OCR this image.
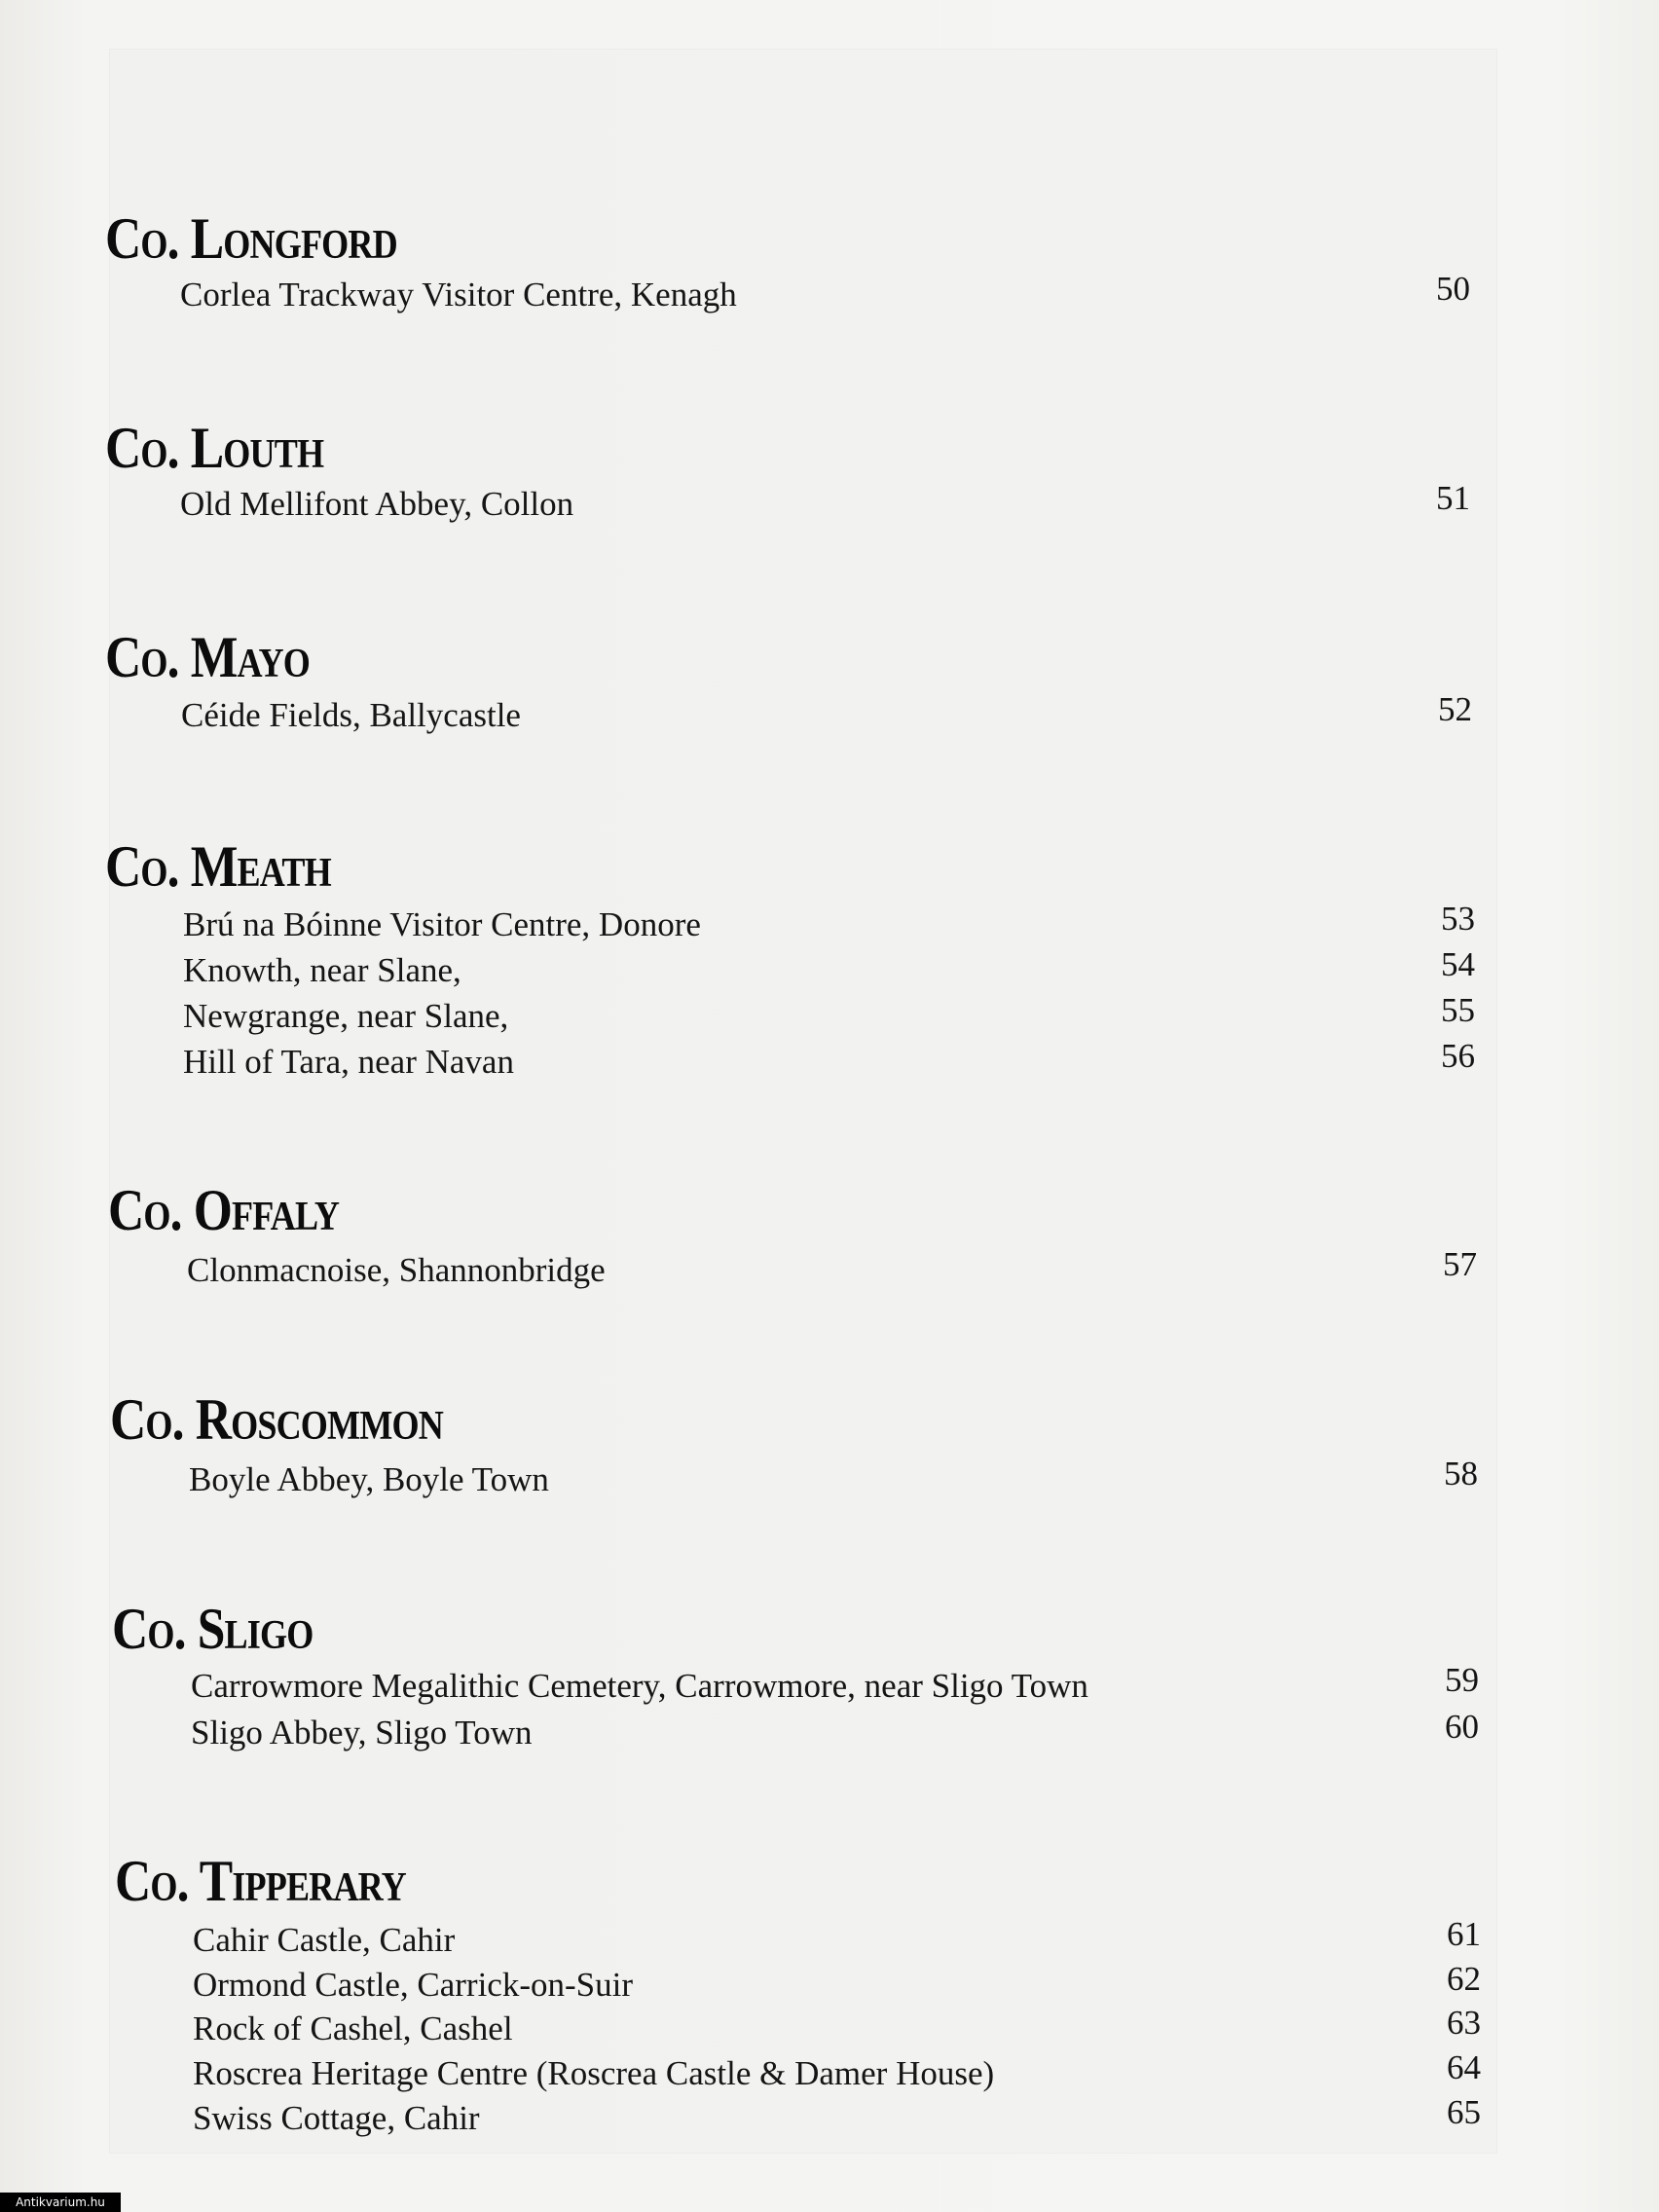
Co. Longford
Corlea Trackway Visitor Centre, Kenagh	50
Co. Louth
Old Mellifont Abbey, Collon	51
Co. Mayo
Céide Fields, Ballycastle	52
Co. Meath
Brú na Bóinne Visitor Centre, Donore	53
Knowth, near Slane,	54
Newgrange, near Slane,	55
Hill of Tara, near Navan	56
Co. Offaly
Clonmacnoise, Shannonbridge	57
Co. Roscommon
Boyle Abbey, Boyle Town	58
Co. Sligo
Carrowmore Megalithic Cemetery, Carrowmore, near Sligo Town	59
Sligo Abbey, Sligo Town	60
Co. Tipperary
Cahir Castle, Cahir	61
Ormond Castle, Carrick-on-Suir	62
Rock of Cashel, Cashel	63
Roscrea Heritage Centre (Roscrea Castle & Damer House)	64
Swiss Cottage, Cahir	65
Antikvarium.hu
